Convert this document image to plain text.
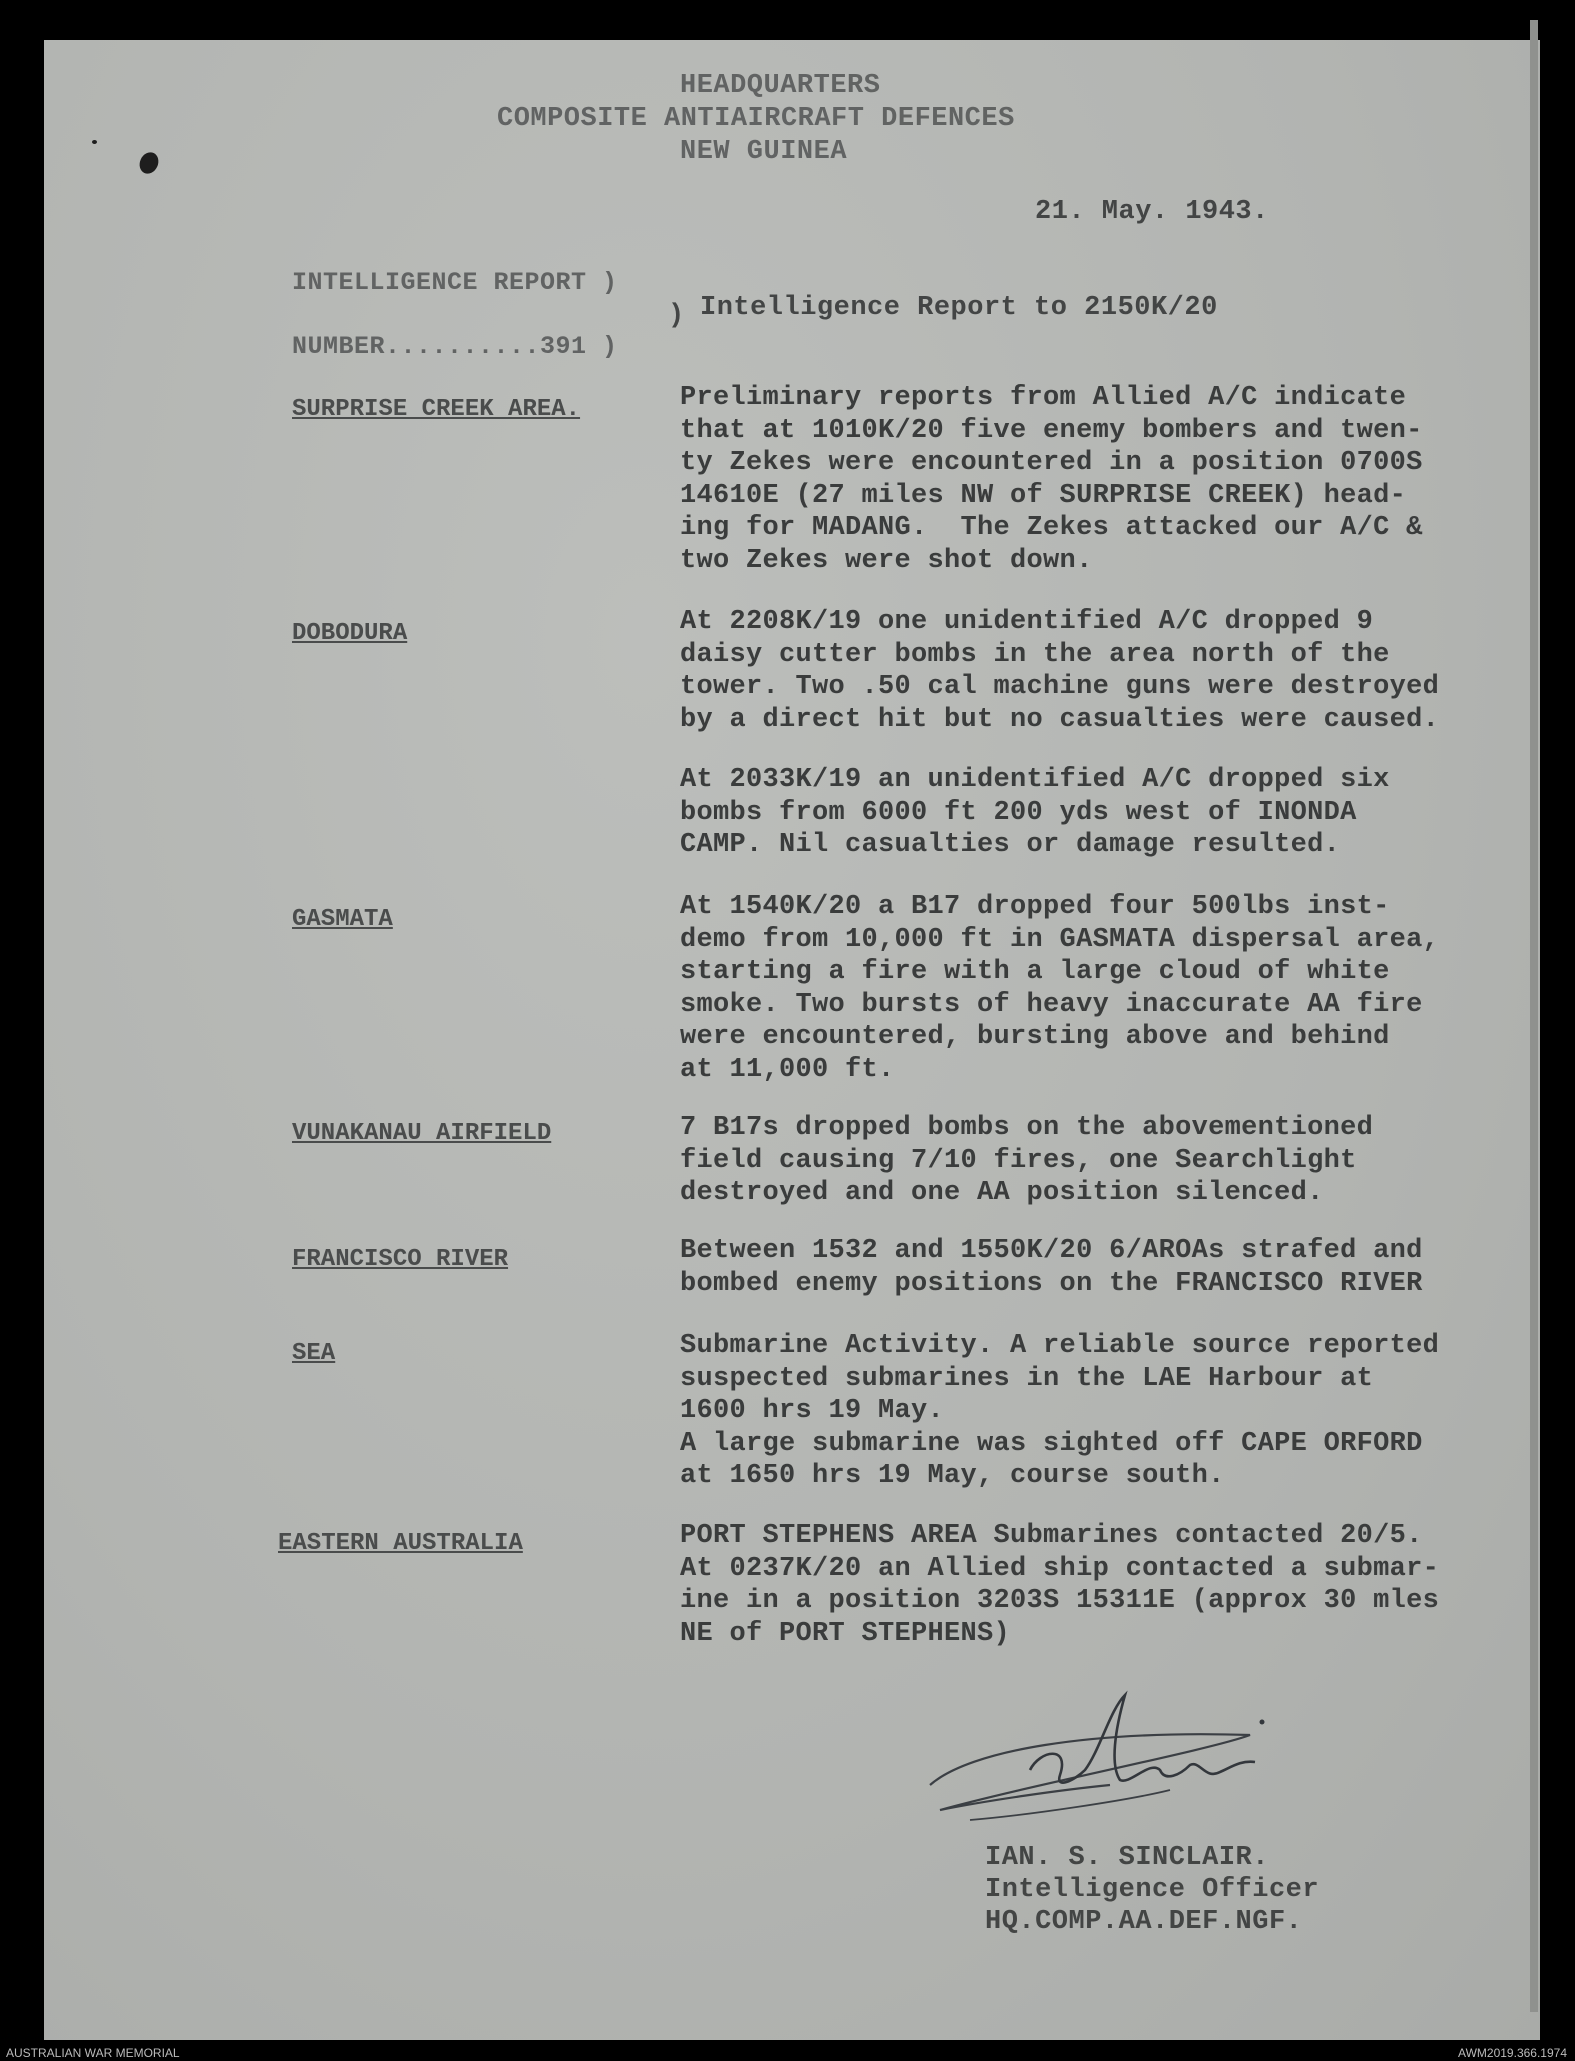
HEADQUARTERS
COMPOSITE ANTIAIRCRAFT DEFENCES
NEW GUINEA
21. May. 1943.
INTELLIGENCE REPORT )
) Intelligence Report to 2150K/20
NUMBER..........391 )
SURPRISE CREEK AREA.	Preliminary reports from Allied A/C indicate
that at 1010K/20 five enemy bombers and twen-
ty Zekes were encountered in a position 0700S
14610E (27 miles NW of SURPRISE CREEK) head-
ing for MADANG.  The Zekes attacked our A/C &
two Zekes were shot down.
DOBODURA	At 2208K/19 one unidentified A/C dropped 9
daisy cutter bombs in the area north of the
tower. Two .50 cal machine guns were destroyed
by a direct hit but no casualties were caused.
At 2033K/19 an unidentified A/C dropped six
bombs from 6000 ft 200 yds west of INONDA
CAMP. Nil casualties or damage resulted.
GASMATA	At 1540K/20 a B17 dropped four 500lbs inst-
demo from 10,000 ft in GASMATA dispersal area,
starting a fire with a large cloud of white
smoke. Two bursts of heavy inaccurate AA fire
were encountered, bursting above and behind
at 11,000 ft.
VUNAKANAU AIRFIELD	7 B17s dropped bombs on the abovementioned
field causing 7/10 fires, one Searchlight
destroyed and one AA position silenced.
FRANCISCO RIVER	Between 1532 and 1550K/20 6/AROAs strafed and
bombed enemy positions on the FRANCISCO RIVER
SEA	Submarine Activity. A reliable source reported
suspected submarines in the LAE Harbour at
1600 hrs 19 May.
A large submarine was sighted off CAPE ORFORD
at 1650 hrs 19 May, course south.
EASTERN AUSTRALIA	PORT STEPHENS AREA Submarines contacted 20/5.
At 0237K/20 an Allied ship contacted a submar-
ine in a position 3203S 15311E (approx 30 mles
NE of PORT STEPHENS)
IAN. S. SINCLAIR.
Intelligence Officer
HQ.COMP.AA.DEF.NGF.
AUSTRALIAN WAR MEMORIAL	AWM2019.366.1974
